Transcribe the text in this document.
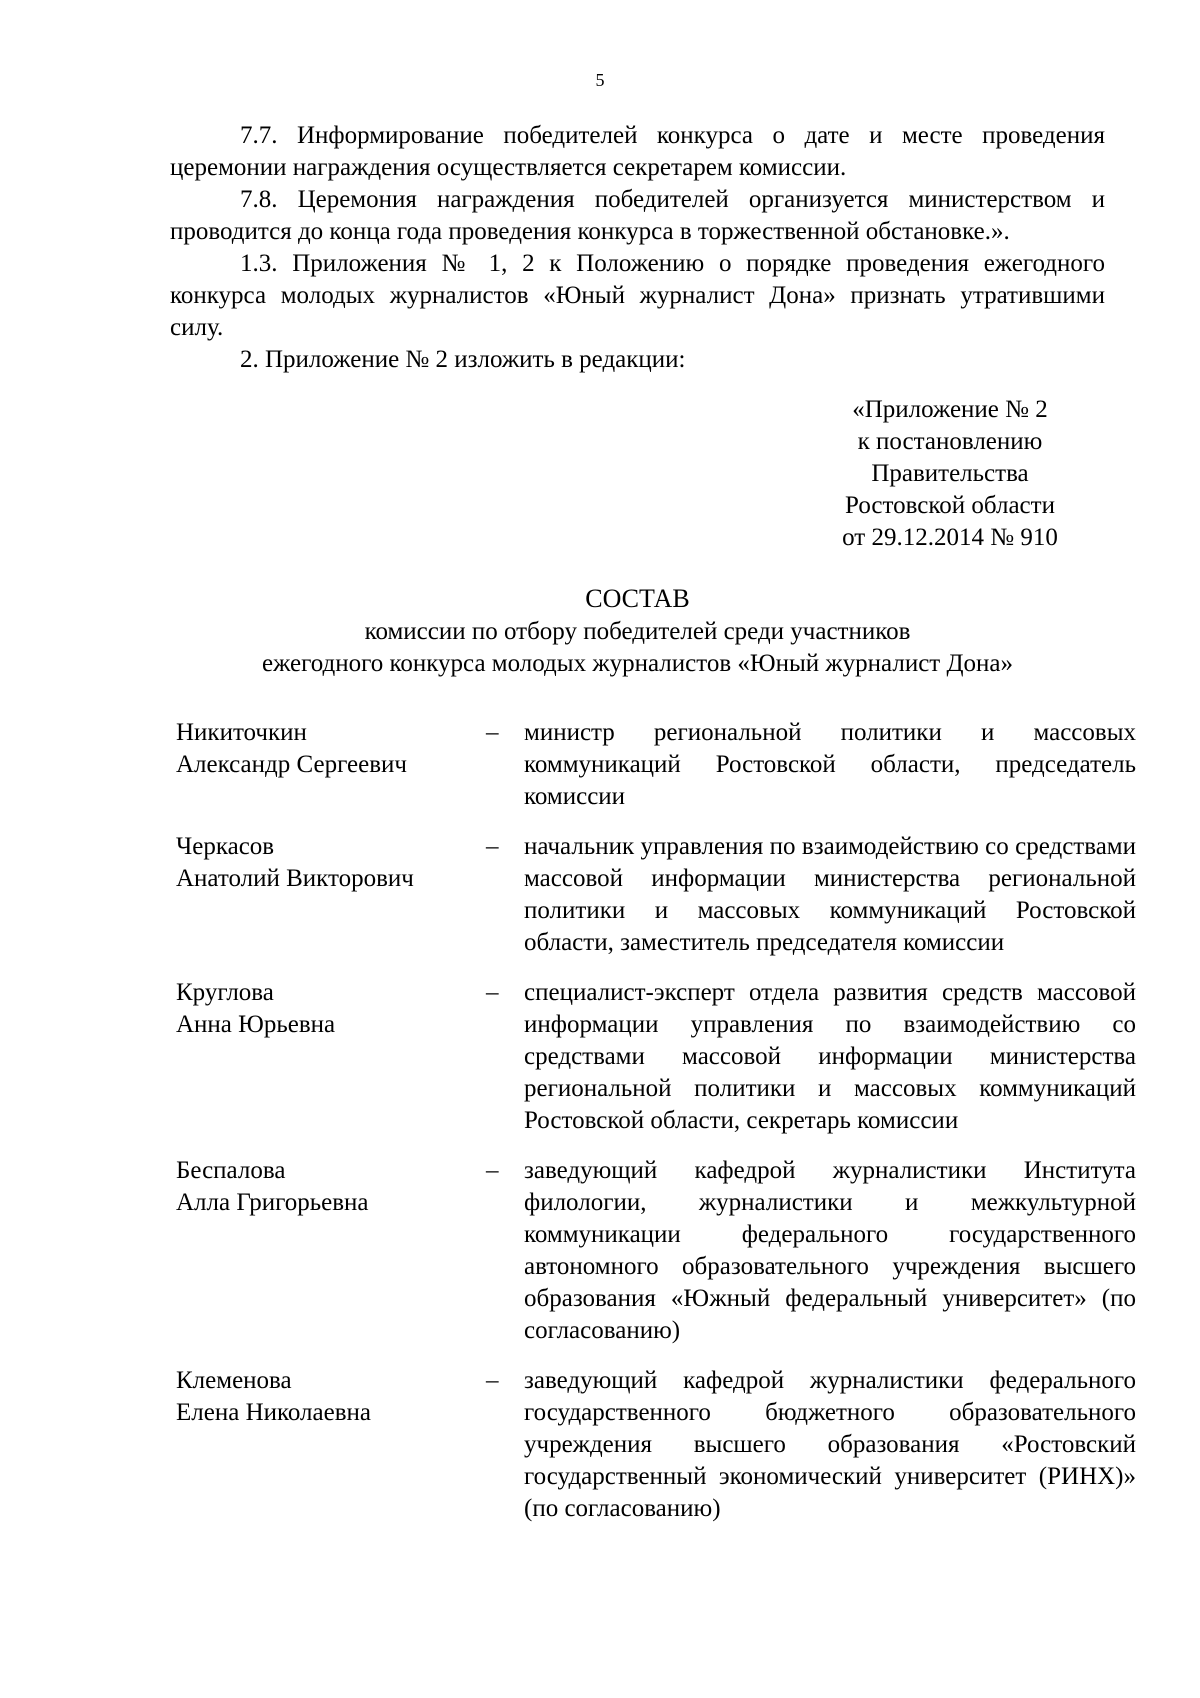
5

7.7. Информирование победителей конкурса о дате и месте проведения церемонии награждения осуществляется секретарем комиссии.

7.8. Церемония награждения победителей организуется министерством и проводится до конца года проведения конкурса в торжественной обстановке.».

1.3. Приложения № 1, 2 к Положению о порядке проведения ежегодного конкурса молодых журналистов «Юный журналист Дона» признать утратившими силу.

2. Приложение № 2 изложить в редакции:

«Приложение № 2
к постановлению
Правительства
Ростовской области
от 29.12.2014 № 910
СОСТАВ
комиссии по отбору победителей среди участников
ежегодного конкурса молодых журналистов «Юный журналист Дона»
Никиточкин
Александр Сергеевич
–	министр региональной политики и массовых коммуникаций Ростовской области, председатель комиссии
Черкасов
Анатолий Викторович
–	начальник управления по взаимодействию со средствами массовой информации министерства региональной политики и массовых коммуникаций Ростовской области, заместитель председателя комиссии
Круглова
Анна Юрьевна
–	специалист-эксперт отдела развития средств массовой информации управления по взаимодействию со средствами массовой информации министерства региональной политики и массовых коммуникаций Ростовской области, секретарь комиссии
Беспалова
Алла Григорьевна
–	заведующий кафедрой журналистики Института филологии, журналистики и межкультурной коммуникации федерального государственного автономного образовательного учреждения высшего образования «Южный федеральный университет» (по согласованию)
Клеменова
Елена Николаевна
–	заведующий кафедрой журналистики федерального государственного бюджетного образовательного учреждения высшего образования «Ростовский государственный экономический университет (РИНХ)» (по согласованию)
